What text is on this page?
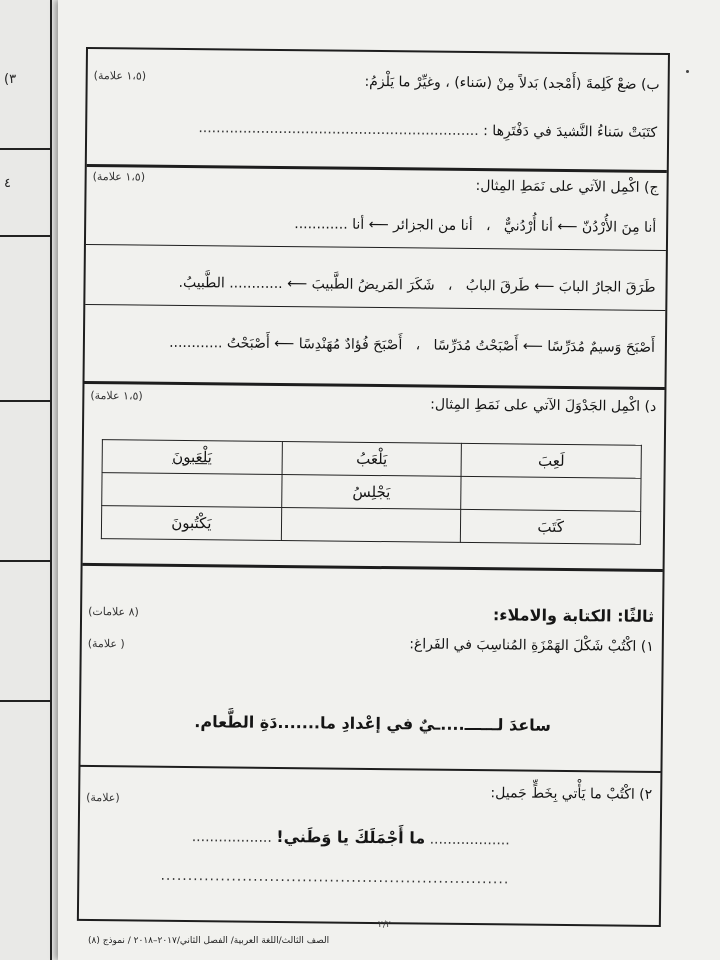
(٣
٤
(١،٥ علامة)	ب) ضعْ كَلِمةَ (أَمْجد) بَدلاً مِنْ (سَناء) ، وغيِّرْ ما يَلْزمُ:
كتَبَتْ سَناءُ النَّشيدَ في دَفْتَرِها : ...............................................................
(١،٥ علامة)
ج) اكْمِل الآتي على نَمَطِ المِثال:
أنا مِنَ الأُرْدُنّ ⟵ أنا أُرْدُنيٌّ   ،   أنا من الجزائر ⟵ أنا ............
طَرَقَ الجارُ البابَ ⟵ طَرقَ البابُ   ،   شَكَرَ المَريضُ الطَّبيبَ ⟵ ............ الطَّبيبُ.
أَصْبَحَ وَسيمٌ مُدَرِّسًا ⟵ أَصْبَحْتُ مُدَرِّسًا   ،   أَصْبَحَ فُؤادٌ مُهَنْدِسًا ⟵ أَصْبَحْتُ ............
(١،٥ علامة)
د) اكْمِل الجَدْوَلَ الآتي على نَمَطِ المِثال:
لَعِبَ	يَلْعَبُ	يَلْعَبونَ
	يَجْلِسُ	
كَتَبَ		يَكْتُبونَ
(٨ علامات)	ثالثًا: الكتابة والاملاء:
( علامة)	١) اكْتُبْ شَكْلَ الهَمْزَةِ المُناسِبَ في الفَراغ:
ساعدَ لــــــ....ـيٌ في إعْدادِ ما.......دَةِ الطَّعام.
(علامة)	٢) اكْتُبْ ما يَأْتي بِخَطٍّ جَميل:
.................. ما أَجْمَلَكَ يا وَطَني! ..................
................................................................
٢/٢
الصف الثالث/اللغة العربية/ الفصل الثاني/٢٠١٧–٢٠١٨ / نموذج (٨)
